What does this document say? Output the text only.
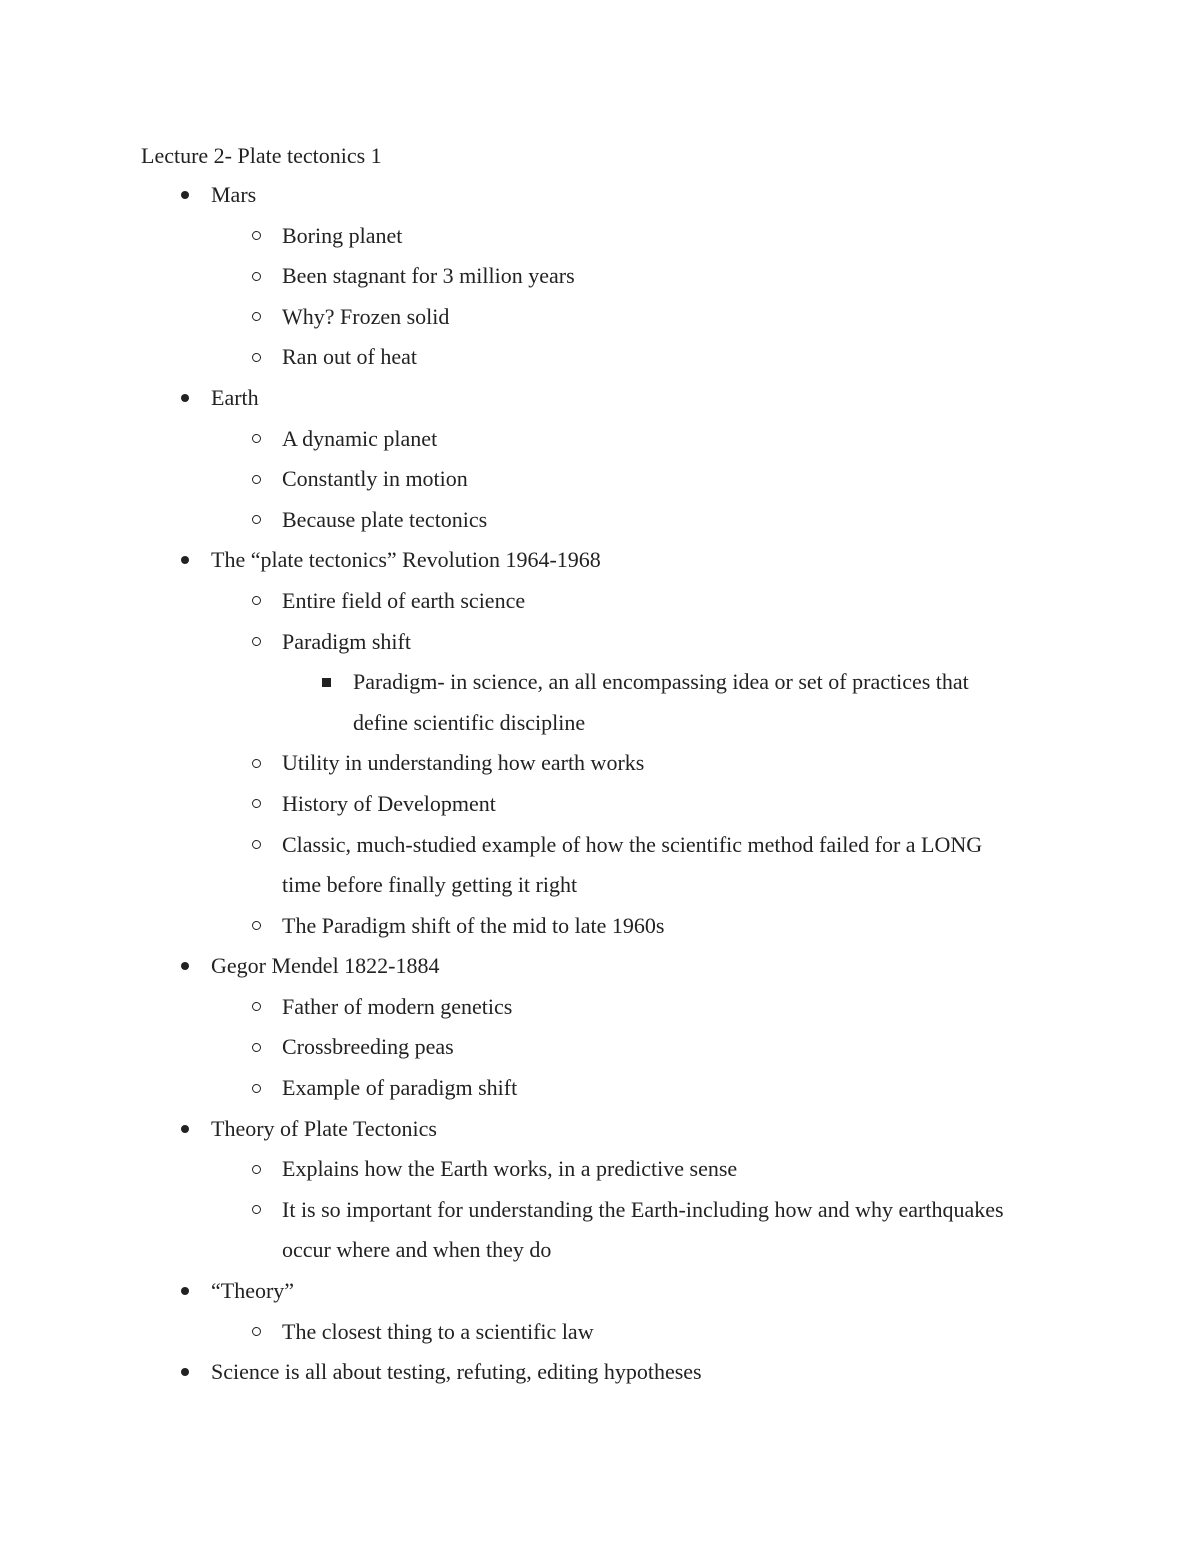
Lecture 2- Plate tectonics 1
Mars
Boring planet
Been stagnant for 3 million years
Why? Frozen solid
Ran out of heat
Earth
A dynamic planet
Constantly in motion
Because plate tectonics
The “plate tectonics” Revolution 1964-1968
Entire field of earth science
Paradigm shift
Paradigm- in science, an all encompassing idea or set of practices that
define scientific discipline
Utility in understanding how earth works
History of Development
Classic, much-studied example of how the scientific method failed for a LONG
time before finally getting it right
The Paradigm shift of the mid to late 1960s
Gegor Mendel 1822-1884
Father of modern genetics
Crossbreeding peas
Example of paradigm shift
Theory of Plate Tectonics
Explains how the Earth works, in a predictive sense
It is so important for understanding the Earth-including how and why earthquakes
occur where and when they do
“Theory”
The closest thing to a scientific law
Science is all about testing, refuting, editing hypotheses
